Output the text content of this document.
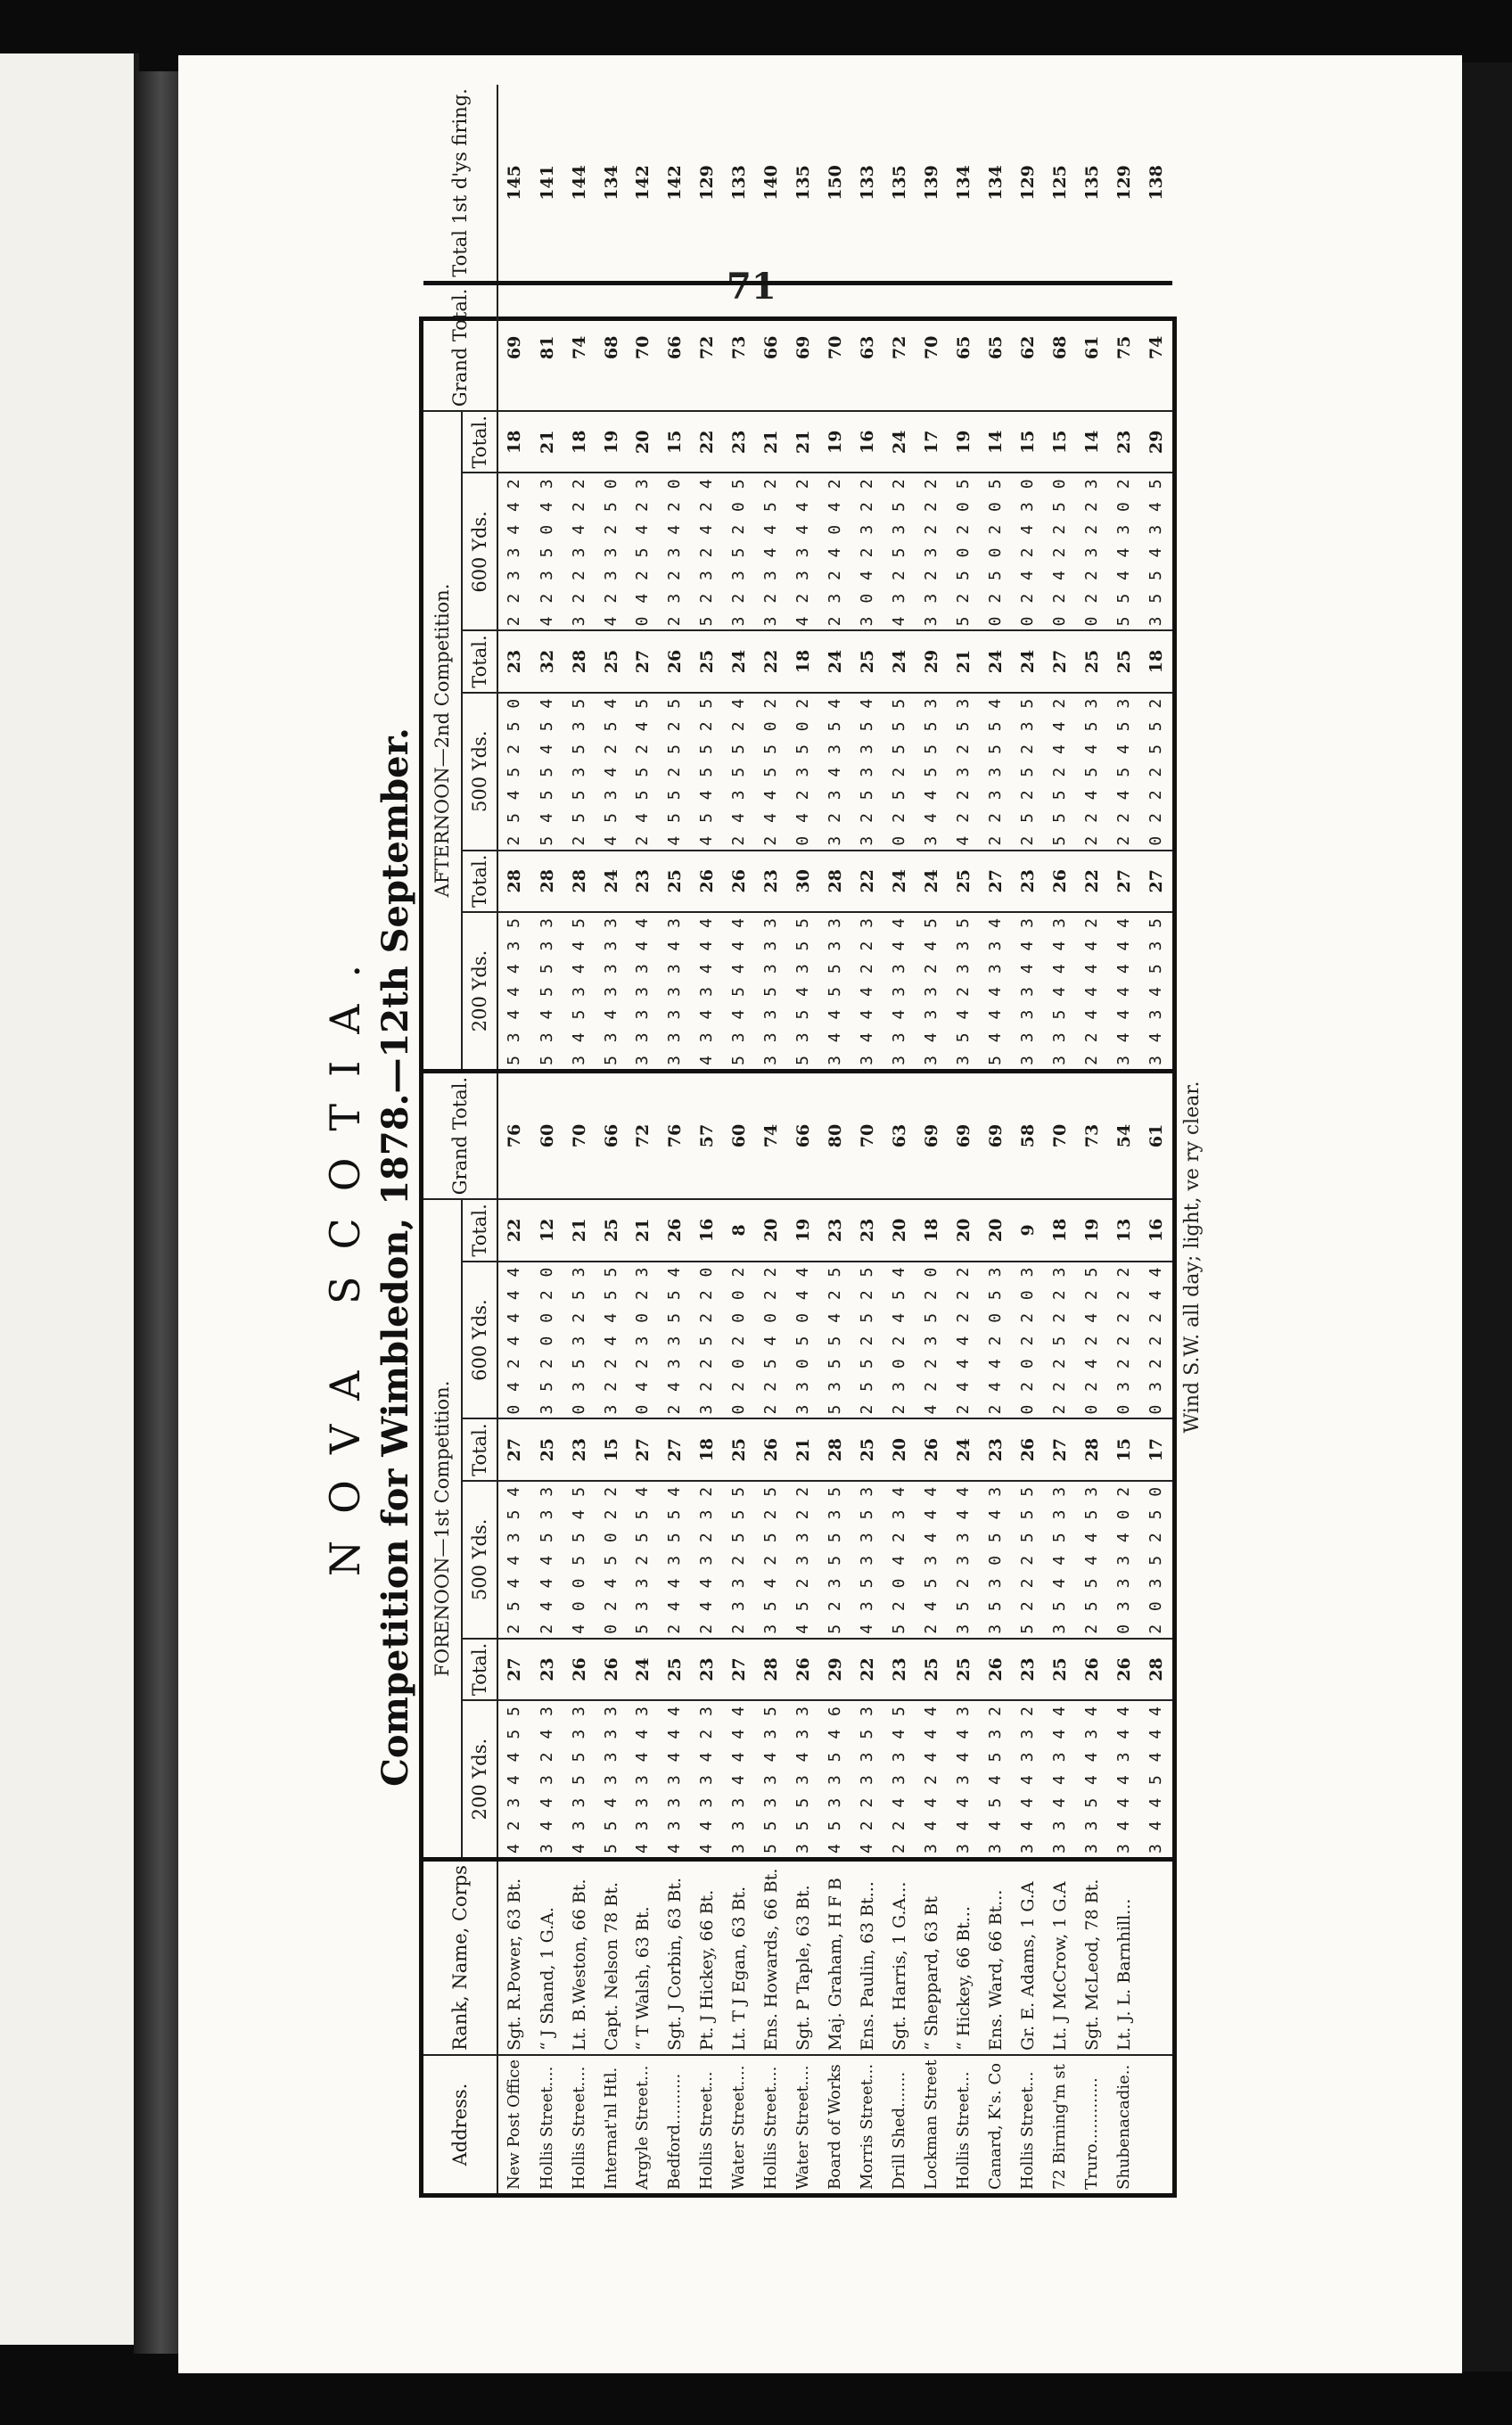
71
NOVA SCOTIA. Competition for Wimbledon, 1878.—12th September.
Address.	Rank, Name, Corps	FORENOON—1st Competition.						Grand Total.	AFTERNOON—2nd Competition.						Grand Total.	Total 1st d'ys firing.
		200 Yds.	Total.	500 Yds.	Total.	600 Yds.	Total.		200 Yds.	Total.	500 Yds.	Total.	600 Yds.	Total.		
New Post Office	Sgt. R.Power, 63 Bt.	4 2 3 4 4 5 5	27	2 5 4 4 3 5 4	27	0 4 2 4 4 4 4	22	76	5 3 4 4 4 3 5	28	2 5 4 5 2 5 0	23	2 2 3 3 4 4 2	18	69	145
Hollis Street....	“ J Shand, 1 G.A.	3 4 4 3 2 4 3	23	2 4 4 4 5 3 3	25	3 5 2 0 0 2 0	12	60	5 3 4 5 5 3 3	28	5 4 5 5 4 5 4	32	4 2 3 5 0 4 3	21	81	141
Hollis Street....	Lt. B.Weston, 66 Bt.	4 3 3 5 5 3 3	26	4 0 0 5 5 4 5	23	0 3 5 3 2 5 3	21	70	3 4 5 3 4 4 5	28	2 5 5 3 5 3 5	28	3 2 2 3 4 2 2	18	74	144
Internat'nl Htl.	Capt. Nelson 78 Bt.	5 5 4 3 3 3 3	26	0 2 4 5 0 2 2	15	3 2 2 4 4 5 5	25	66	5 3 4 3 3 3 3	24	4 5 3 4 2 5 4	25	4 2 3 3 2 5 0	19	68	134
Argyle Street...	“ T Walsh, 63 Bt.	4 3 3 3 4 4 3	24	5 3 3 2 5 5 4	27	0 4 2 3 0 2 3	21	72	3 3 3 3 3 4 4	23	2 4 5 5 2 4 5	27	0 4 2 5 4 2 3	20	70	142
Bedford..........	Sgt. J Corbin, 63 Bt.	4 3 3 3 4 4 4	25	2 4 4 3 5 5 4	27	2 4 3 3 5 5 4	26	76	3 3 3 3 3 4 3	25	4 5 5 2 5 2 5	26	2 3 2 3 4 2 0	15	66	142
Hollis Street...	Pt. J Hickey, 66 Bt.	4 4 3 3 4 2 3	23	2 4 4 3 2 3 2	18	3 2 2 5 2 2 0	16	57	4 3 4 3 4 4 4	26	4 5 4 5 5 2 5	25	5 2 3 2 4 2 4	22	72	129
Water Street....	Lt. T J Egan, 63 Bt.	3 3 3 4 4 4 4	27	2 3 3 2 5 5 5	25	0 2 0 2 0 0 2	8	60	5 3 4 5 4 4 4	26	2 4 3 5 5 2 4	24	3 2 3 5 2 0 5	23	73	133
Hollis Street....	Ens. Howards, 66 Bt.	5 5 3 3 4 3 5	28	3 5 4 2 5 2 5	26	2 2 5 4 0 2 2	20	74	3 3 3 5 3 3 3	23	2 4 4 5 5 0 2	22	3 2 3 4 4 5 2	21	66	140
Water Street....	Sgt. P Taple, 63 Bt.	3 5 5 3 4 3 3	26	4 5 2 3 3 2 2	21	3 3 0 5 0 4 4	19	66	5 3 5 4 3 5 5	30	0 4 2 3 5 0 2	18	4 2 3 3 4 4 2	21	69	135
Board of Works	Maj. Graham, H F B	4 5 3 3 5 4 6	29	5 2 3 5 5 3 5	28	5 3 5 5 4 2 5	23	80	3 4 4 5 5 3 3	28	3 2 3 4 3 5 4	24	2 3 2 4 0 4 2	19	70	150
Morris Street...	Ens. Paulin, 63 Bt...	4 2 2 3 3 5 3	22	4 3 5 3 3 5 3	25	2 5 5 2 5 2 5	23	70	3 4 4 4 2 2 3	22	3 2 5 3 3 5 4	25	3 0 4 2 3 2 2	16	63	133
Drill Shed.......	Sgt. Harris, 1 G.A...	2 2 4 3 3 4 5	23	5 2 0 4 2 3 4	20	2 3 0 2 4 5 4	20	63	3 3 4 3 3 4 4	24	0 2 5 2 5 5 5	24	4 3 2 5 3 5 2	24	72	135
Lockman Street	“ Sheppard, 63 Bt	3 4 4 2 4 4 4	25	2 4 5 3 4 4 4	26	4 2 2 3 5 2 0	18	69	3 4 3 3 2 4 5	24	3 4 4 5 5 5 3	29	3 3 2 3 2 2 2	17	70	139
Hollis Street...	“ Hickey, 66 Bt...	3 4 4 3 4 4 3	25	3 5 2 3 3 4 4	24	2 4 4 4 2 2 2	20	69	3 5 4 2 3 3 5	25	4 2 2 3 2 5 3	21	5 2 5 0 2 0 5	19	65	134
Canard, K's. Co	Ens. Ward, 66 Bt...	3 4 5 4 5 3 2	26	3 5 3 0 5 4 3	23	2 4 4 2 0 5 3	20	69	5 4 4 4 3 3 4	27	2 2 3 3 5 5 4	24	0 2 5 0 2 0 5	14	65	134
Hollis Street...	Gr. E. Adams, 1 G.A	3 4 4 4 3 3 2	23	5 2 2 2 5 5 5	26	0 2 0 2 2 0 3	9	58	3 3 3 3 4 4 3	23	2 5 2 5 2 3 5	24	0 2 4 2 4 3 0	15	62	129
72 Birning'm st	Lt. J McCrow, 1 G.A	3 3 4 4 3 4 4	25	3 5 4 4 5 3 3	27	2 2 2 5 2 2 3	18	70	3 3 5 4 4 4 3	26	5 5 5 2 4 4 2	27	0 2 4 2 2 5 0	15	68	125
Truro.............	Sgt. McLeod, 78 Bt.	3 3 5 4 4 3 4	26	2 5 5 4 4 5 3	28	0 2 4 2 4 2 5	19	73	2 2 4 4 4 4 2	22	2 2 4 5 4 5 3	25	0 2 2 3 2 2 3	14	61	135
Shubenacadie..	Lt. J. L. Barnhill...	3 4 4 4 3 4 4	26	0 3 3 3 4 0 2	15	0 3 2 2 2 2 2	13	54	3 4 4 4 4 4 4	27	2 2 4 5 4 5 3	25	5 5 4 4 3 0 2	23	75	129
		3 4 4 5 4 4 4	28	2 0 3 5 2 5 0	17	0 3 2 2 2 4 4	16	61	3 4 3 4 5 3 5	27	0 2 2 2 5 5 2	18	3 5 5 4 3 4 5	29	74	138
Wind S.W. all day; light, ve ry clear.
